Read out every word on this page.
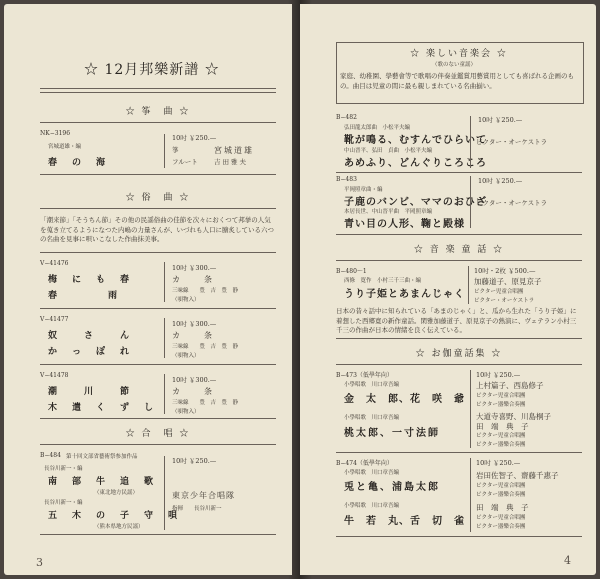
☆ 12月邦樂新譜 ☆
☆ 筝　曲 ☆
NK−3196
10吋 ￥250.—
宮城道雄・編	箏	宮城道雄
春　の　海	フルート	吉田雅夫
☆ 俗　曲 ☆
「潮来節」「そうちん節」その他の民謡俗曲の佳節を次々におくつて邦挙の人気を蒐き立てるようになつた内嶋の力量さんが、いづれも人口に膾炙している六つの名曲を見事に唄いこなした作曲抹美事。
V−41476
10吋 ￥300.—
梅　に　も　春	カ　　　条
春　　　　雨	三味線　　豊　吉　豊　静
（唄物入）
V−41477
10吋 ￥300.—
奴　　さ　　ん	カ　　　条
か　っ　ぽ　れ	三味線　　豊　吉　豊　静
（唄物入）
V−41478
10吋 ￥300.—
潮　　川　　節	カ　　　条
木　遣　く　ず　し	三味線　　豊　吉　豊　静
（唄物入）
☆ 合　唱 ☆
B−484 第十回文部省藝術祭参加作品	10吋 ￥250.—
長谷川新一・編
南　部　牛　追　歌
（東北地方民謡）
長谷川新一・編
五　木　の　子　守　唄
（熊本県地方民謡）
東京少年合唱隊
指揮　　長谷川新一
3
☆ 楽しい音楽会 ☆
（歌のない童謡）
家庭、幼稚園、學藝會等で歌唱の伴奏並鑑賞用藝賞用としても喜ばれる企画のもの。曲目は児童の間に最も親しまれている名曲揃い。
B−482	10吋 ￥250.—
弘田龍太郎曲　小松平夫編
靴が鳴る、むすんでひらいて
中山晋平、弘田　貞曲　小松平夫編
あめふり、どんぐりころころ
ビクター・オーケストラ
B−483	10吋 ￥250.—
平岡照章曲・編
子鹿のバンビ、ママのおひざ
本居長世、中山晋平曲　平岡照章編
青い目の人形、鞠と殿様
ビクター・オーケストラ
☆ 音 楽 童 話 ☆
B−480〜1	10吋・2枚 ￥500.—
西條　寛作　小村三千三曲・編
うり子姫とあまんじゃく
加藤道子、原見京子
ビクター児童合唱團
ビクター・オーケストラ
日本の昔々話中に知られている「あまのじゃく」と、瓜から生れた「うり子姫」に着想した西郷寛の新作童話。閑雅加藤道子、原見京子の熱演に、ヴェテラン小村三千三の作曲が日本の情緒を良く伝えている。
☆ お伽童話集 ☆
B−473（低學年向）	10吋 ￥250.—
小學唱歌　川口章吾編
金　太　郎、花　咲　爺
上村篇子、西島修子
ビクター児童合唱團
ビクター器樂合奏團
小學唱歌　川口章吾編
桃太郎、一寸法師
大道寺喜野、川島桐子
田　端　典　子
ビクター児童合唱團
ビクター器樂合奏團
B−474（低學年向）	10吋 ￥250.—
小學唱歌　川口章吾編
兎と亀、浦島太郎
岩田佐智子、齋藤千惠子
ビクター児童合唱團
ビクター器樂合奏團
小學唱歌　川口章吾編
牛　若　丸、舌　切　雀
田　端　典　子
ビクター児童合唱團
ビクター器樂合奏團
4
